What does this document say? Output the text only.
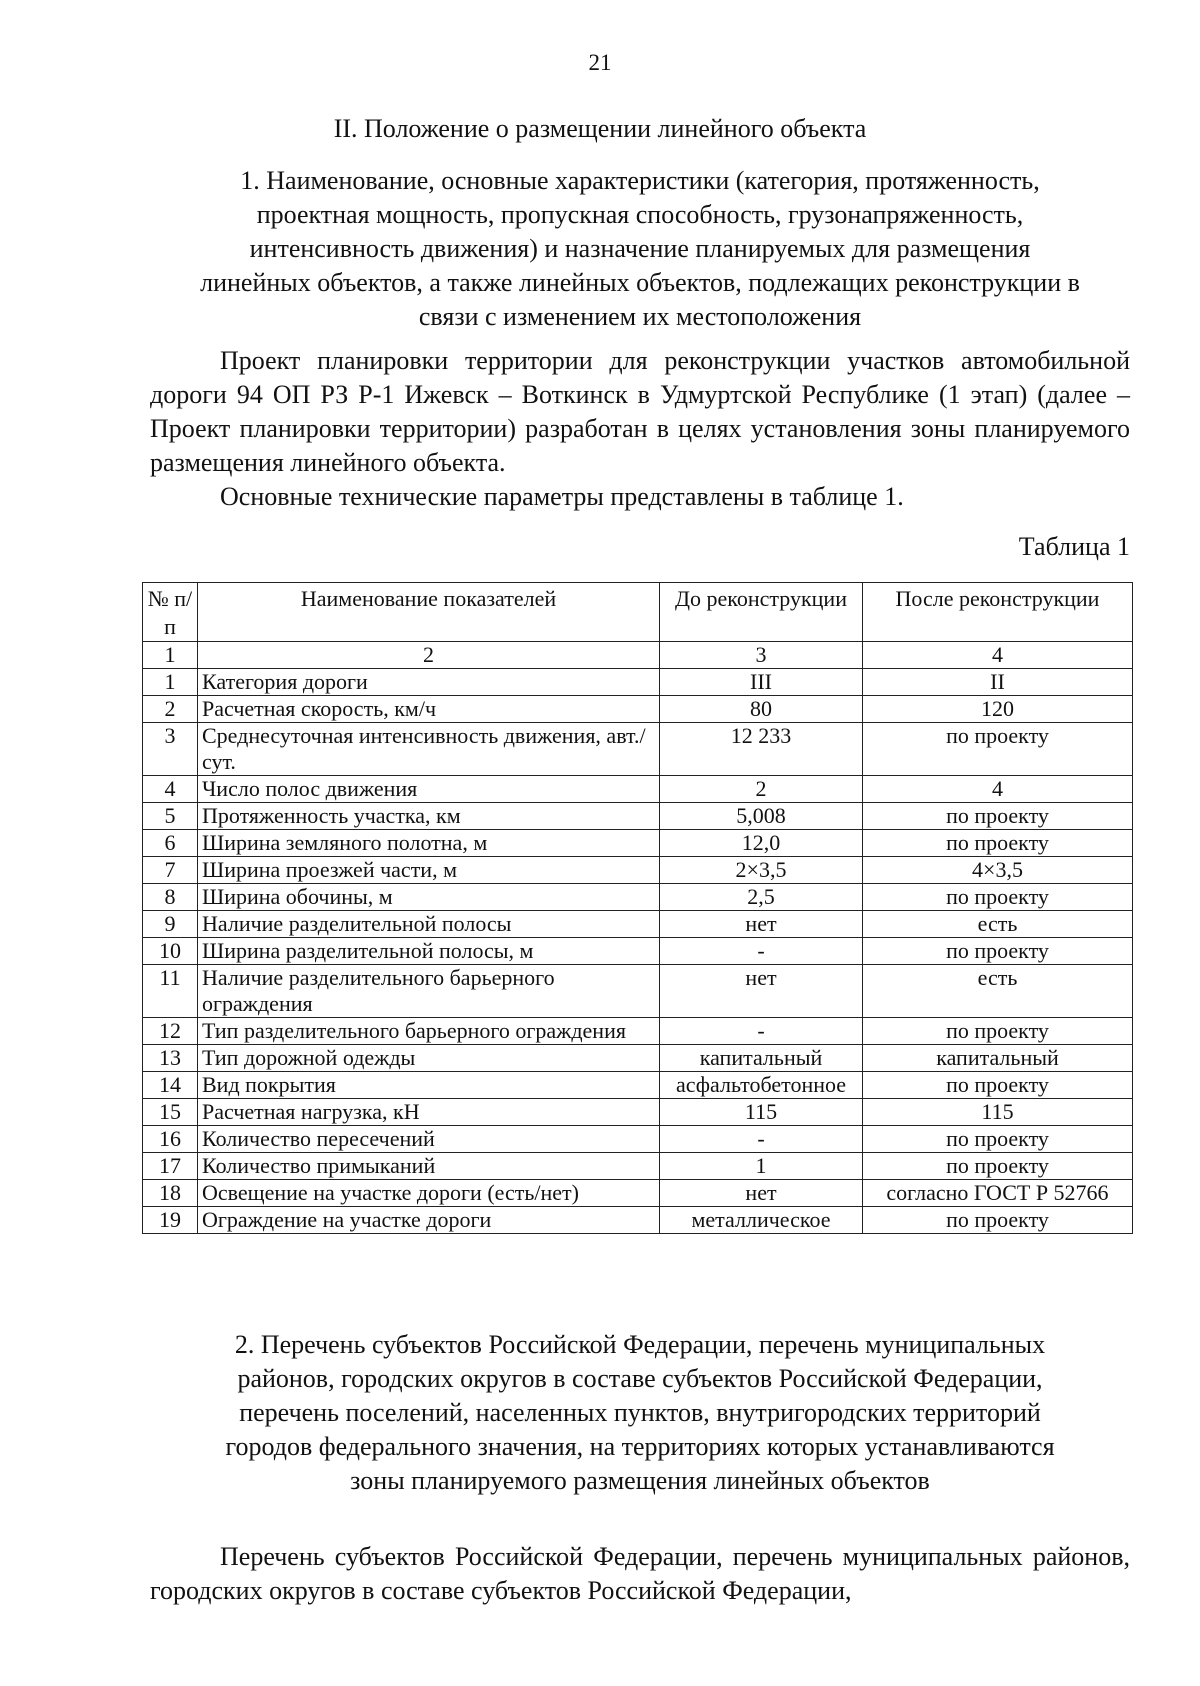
21
II. Положение о размещении линейного объекта
1. Наименование, основные характеристики (категория, протяженность, проектная мощность, пропускная способность, грузонапряженность, интенсивность движения) и назначение планируемых для размещения линейных объектов, а также линейных объектов, подлежащих реконструкции в связи с изменением их местоположения

Проект планировки территории для реконструкции участков автомобильной дороги 94 ОП РЗ Р-1 Ижевск – Воткинск в Удмуртской Республике (1 этап) (далее – Проект планировки территории) разработан в целях установления зоны планируемого размещения линейного объекта.

Основные технические параметры представлены в таблице 1.

Таблица 1
№ п/п	Наименование показателей	До реконструкции	После реконструкции
1	2	3	4
1	Категория дороги	III	II
2	Расчетная скорость, км/ч	80	120
3	Среднесуточная интенсивность движения, авт./сут.	12 233	по проекту
4	Число полос движения	2	4
5	Протяженность участка, км	5,008	по проекту
6	Ширина земляного полотна, м	12,0	по проекту
7	Ширина проезжей части, м	2×3,5	4×3,5
8	Ширина обочины, м	2,5	по проекту
9	Наличие разделительной полосы	нет	есть
10	Ширина разделительной полосы, м	-	по проекту
11	Наличие разделительного барьерного ограждения	нет	есть
12	Тип разделительного барьерного ограждения	-	по проекту
13	Тип дорожной одежды	капитальный	капитальный
14	Вид покрытия	асфальтобетонное	по проекту
15	Расчетная нагрузка, кН	115	115
16	Количество пересечений	-	по проекту
17	Количество примыканий	1	по проекту
18	Освещение на участке дороги (есть/нет)	нет	согласно ГОСТ Р 52766
19	Ограждение на участке дороги	металлическое	по проекту
2. Перечень субъектов Российской Федерации, перечень муниципальных районов, городских округов в составе субъектов Российской Федерации, перечень поселений, населенных пунктов, внутригородских территорий городов федерального значения, на территориях которых устанавливаются зоны планируемого размещения линейных объектов

Перечень субъектов Российской Федерации, перечень муниципальных районов, городских округов в составе субъектов Российской Федерации,
